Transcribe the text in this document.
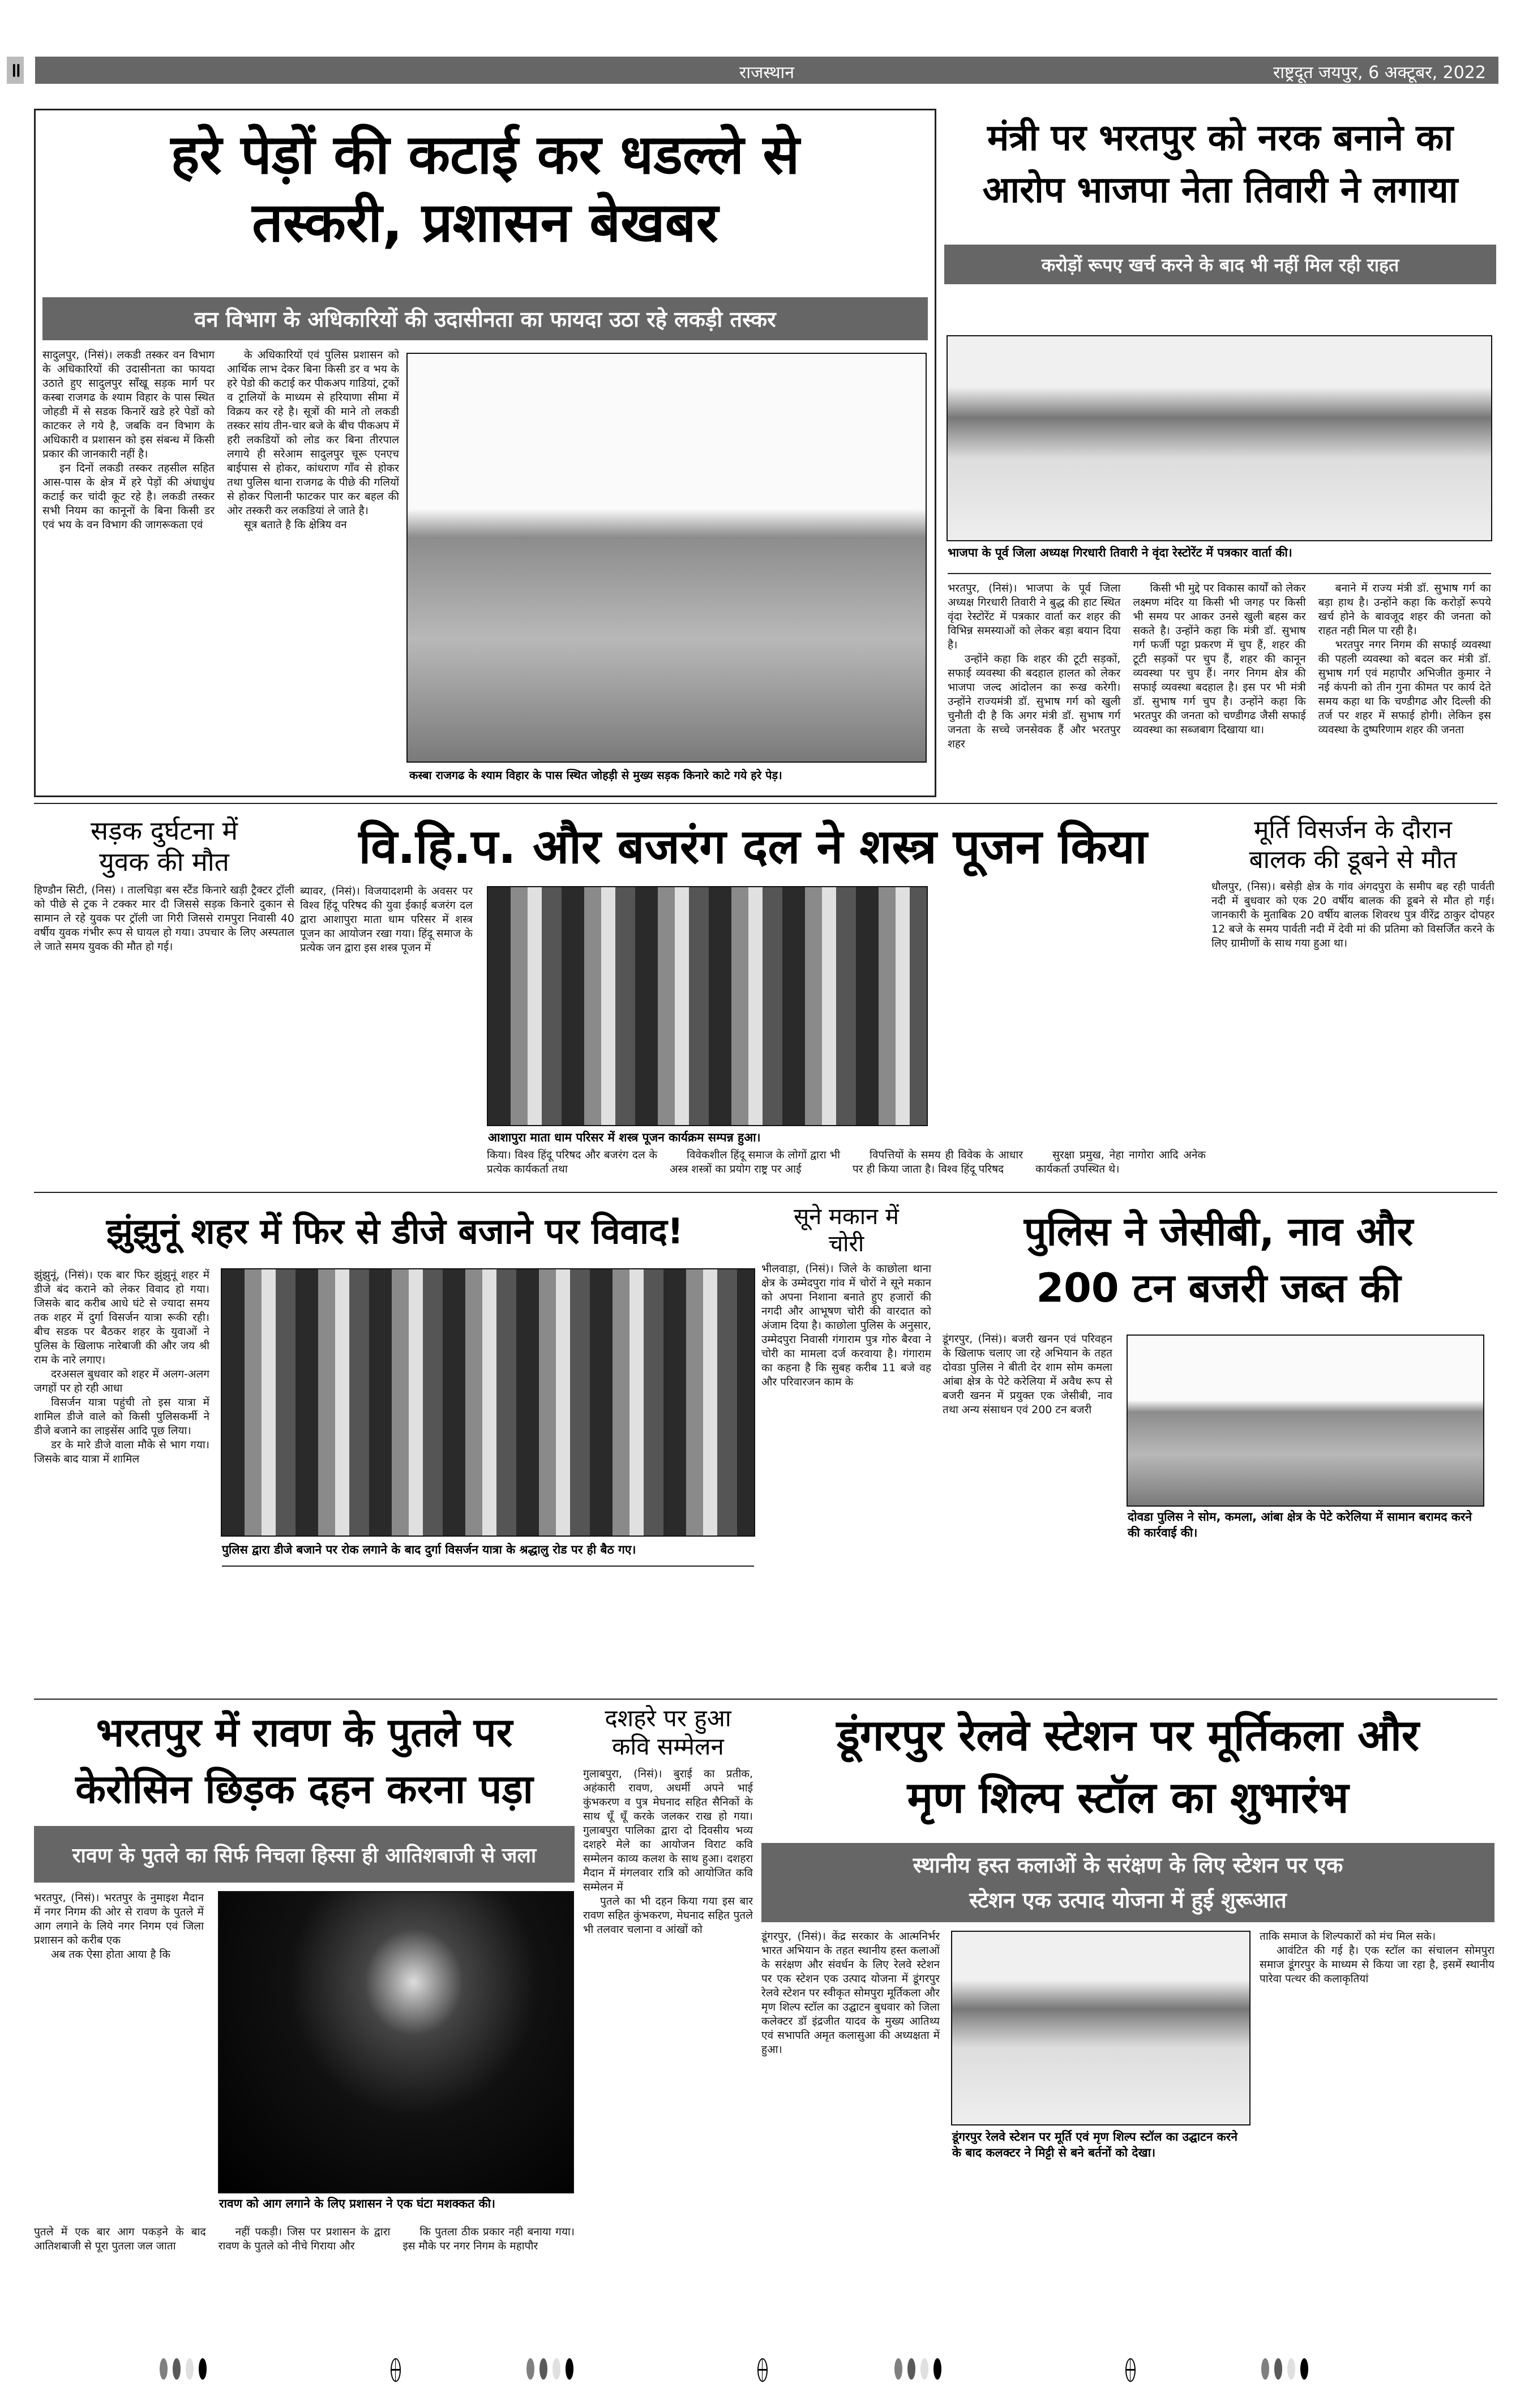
॥	राजस्थान	राष्ट्रदूत जयपुर, 6 अक्टूबर, 2022
हरे पेड़ों की कटाई कर धडल्ले से
तस्करी, प्रशासन बेखबर
वन विभाग के अधिकारियों की उदासीनता का फायदा उठा रहे लकड़ी तस्कर

सादुलपुर, (निसं)। लकडी तस्कर वन विभाग के अधिकारियों की उदासीनता का फायदा उठाते हुए सादुलपुर साँखू सड़क मार्ग पर कस्बा राजगढ के श्याम विहार के पास स्थित जोहडी में से सडक किनारें खडे हरे पेडों को काटकर ले गये है, जबकि वन विभाग के अधिकारी व प्रशासन को इस संबन्ध में किसी प्रकार की जानकारी नहीं है।

इन दिनों लकडी तस्कर तहसील सहित आस-पास के क्षेत्र में हरे पेड़ों की अंधाधुंध कटाई कर चांदी कूट रहे है। लकडी तस्कर सभी नियम का कानूनों के बिना किसी डर एवं भय के वन विभाग की जागरूकता एवं

के अधिकारियों एवं पुलिस प्रशासन को आर्थिक लाभ देकर बिना किसी डर व भय के हरे पेडो की कटाई कर पीकअप गाडियां, ट्रकों व ट्रालियों के माध्यम से हरियाणा सीमा में विक्रय कर रहे है। सूत्रों की माने तो लकडी तस्कर सांय तीन-चार बजे के बीच पीकअप में हरी लकडियों को लोड कर बिना तीरपाल लगाये ही सरेआम सादुलपुर चूरू एनएच बाईपास से होकर, कांधराण गाँव से होकर तथा पुलिस थाना राजगढ के पीछे की गलियों से होकर पिलानी फाटकर पार कर बहल की ओर तस्करी कर लकडियां ले जाते है।

सूत्र बताते है कि क्षेत्रिय वन

कस्बा राजगढ के श्याम विहार के पास स्थित जोहड़ी से मुख्य सड़क किनारे काटे गये हरे पेड़।
मंत्री पर भरतपुर को नरक बनाने का
आरोप भाजपा नेता तिवारी ने लगाया
करोड़ों रूपए खर्च करने के बाद भी नहीं मिल रही राहत
भाजपा के पूर्व जिला अध्यक्ष गिरधारी तिवारी ने वृंदा रेस्टोरेंट में पत्रकार वार्ता की।

भरतपुर, (निसं)। भाजपा के पूर्व जिला अध्यक्ष गिरधारी तिवारी ने बुद्ध की हाट स्थित वृंदा रेस्टोरेंट में पत्रकार वार्ता कर शहर की विभिन्न समस्याओं को लेकर बड़ा बयान दिया है।

उन्होंने कहा कि शहर की टूटी सड़कों, सफाई व्यवस्था की बदहाल हालत को लेकर भाजपा जल्द आंदोलन का रूख करेगी। उन्होंने राज्यमंत्री डॉ. सुभाष गर्ग को खुली चुनौती दी है कि अगर मंत्री डॉ. सुभाष गर्ग जनता के सच्चे जनसेवक हैं और भरतपुर शहर

किसी भी मुद्दे पर विकास कार्यों को लेकर लक्ष्मण मंदिर या किसी भी जगह पर किसी भी समय पर आकर उनसे खुली बहस कर सकते है। उन्होंने कहा कि मंत्री डॉ. सुभाष गर्ग फर्जी पट्टा प्रकरण में चुप हैं, शहर की टूटी सड़कों पर चुप हैं, शहर की कानून व्यवस्था पर चुप हैं। नगर निगम क्षेत्र की सफाई व्यवस्था बदहाल है। इस पर भी मंत्री डॉ. सुभाष गर्ग चुप है। उन्होंने कहा कि भरतपुर की जनता को चण्डीगढ जैसी सफाई व्यवस्था का सब्जबाग दिखाया था।

बनाने में राज्य मंत्री डॉ. सुभाष गर्ग का बड़ा हाथ है। उन्होंने कहा कि करोड़ों रूपये खर्च होने के बावजूद शहर की जनता को राहत नही मिल पा रही है।

भरतपुर नगर निगम की सफाई व्यवस्था की पहली व्यवस्था को बदल कर मंत्री डॉ. सुभाष गर्ग एवं महापौर अभिजीत कुमार ने नई कंपनी को तीन गुना कीमत पर कार्य देते समय कहा था कि चण्डीगढ और दिल्ली की तर्ज पर शहर में सफाई होगी। लेकिन इस व्यवस्था के दुष्परिणाम शहर की जनता

सड़क दुर्घटना में
युवक की मौत

हिण्डौन सिटी, (निस) । तालचिड़ा बस स्टैंड किनारे खड़ी ट्रैक्टर ट्रॉली को पीछे से ट्रक ने टक्कर मार दी जिससे सड़क किनारे दुकान से सामान ले रहे युवक पर ट्रॉली जा गिरी जिससे रामपुरा निवासी 40 वर्षीय युवक गंभीर रूप से घायल हो गया। उपचार के लिए अस्पताल ले जाते समय युवक की मौत हो गई।

वि.हि.प. और बजरंग दल ने शस्त्र पूजन किया

ब्यावर, (निसं)। विजयादशमी के अवसर पर विश्व हिंदू परिषद की युवा ईकाई बजरंग दल द्वारा आशापुरा माता धाम परिसर में शस्त्र पूजन का आयोजन रखा गया। हिंदू समाज के प्रत्येक जन द्वारा इस शस्त्र पूजन में

आशापुरा माता धाम परिसर में शस्त्र पूजन कार्यक्रम सम्पन्न हुआ।

किया। विश्व हिंदू परिषद और बजरंग दल के प्रत्येक कार्यकर्ता तथा

विवेकशील हिंदू समाज के लोगों द्वारा भी अस्त्र शस्त्रों का प्रयोग राष्ट्र पर आई

विपत्तियों के समय ही विवेक के आधार पर ही किया जाता है। विश्व हिंदू परिषद

सुरक्षा प्रमुख, नेहा नागोरा आदि अनेक कार्यकर्ता उपस्थित थे।

मूर्ति विसर्जन के दौरान
बालक की डूबने से मौत

धौलपुर, (निस)। बसेड़ी क्षेत्र के गांव अंगदपुरा के समीप बह रही पार्वती नदी में बुधवार को एक 20 वर्षीय बालक की डूबने से मौत हो गई। जानकारी के मुताबिक 20 वर्षीय बालक शिवरथ पुत्र वीरेंद्र ठाकुर दोपहर 12 बजे के समय पार्वती नदी में देवी मां की प्रतिमा को विसर्जित करने के लिए ग्रामीणों के साथ गया हुआ था।

झुंझुनूं शहर में फिर से डीजे बजाने पर विवाद!

झुंझुनूं, (निसं)। एक बार फिर झुंझुनूं शहर में डीजे बंद कराने को लेकर विवाद हो गया। जिसके बाद करीब आधे घंटे से ज्यादा समय तक शहर में दुर्गा विसर्जन यात्रा रूकी रही। बीच सडक पर बैठकर शहर के युवाओं ने पुलिस के खिलाफ नारेबाजी की और जय श्री राम के नारे लगाए।

दरअसल बुधवार को शहर में अलग-अलग जगहों पर हो रही आधा

विसर्जन यात्रा पहुंची तो इस यात्रा में शामिल डीजे वाले को किसी पुलिसकर्मी ने डीजे बजाने का लाइसेंस आदि पूछ लिया।

डर के मारे डीजे वाला मौके से भाग गया। जिसके बाद यात्रा में शामिल

पुलिस द्वारा डीजे बजाने पर रोक लगाने के बाद दुर्गा विसर्जन यात्रा के श्रद्धालु रोड पर ही बैठ गए।
सूने मकान में
चोरी

भीलवाड़ा, (निसं)। जिले के काछोला थाना क्षेत्र के उम्मेदपुरा गांव में चोरों ने सूने मकान को अपना निशाना बनाते हुए हजारों की नगदी और आभूषण चोरी की वारदात को अंजाम दिया है। काछोला पुलिस के अनुसार, उम्मेदपुरा निवासी गंगाराम पुत्र गोरु बैरवा ने चोरी का मामला दर्ज करवाया है। गंगाराम का कहना है कि सुबह करीब 11 बजे वह और परिवारजन काम के

पुलिस ने जेसीबी, नाव और
200 टन बजरी जब्त की

डूंगरपुर, (निसं)। बजरी खनन एवं परिवहन के खिलाफ चलाए जा रहे अभियान के तहत दोवडा पुलिस ने बीती देर शाम सोम कमला आंबा क्षेत्र के पेटे करेलिया में अवैध रूप से बजरी खनन में प्रयुक्त एक जेसीबी, नाव तथा अन्य संसाधन एवं 200 टन बजरी

दोवडा पुलिस ने सोम, कमला, आंबा क्षेत्र के पेटे करेलिया में सामान बरामद करने की कार्रवाई की।
भरतपुर में रावण के पुतले पर
केरोसिन छिड़क दहन करना पड़ा
रावण के पुतले का सिर्फ निचला हिस्सा ही आतिशबाजी से जला

भरतपुर, (निसं)। भरतपुर के नुमाइश मैदान में नगर निगम की ओर से रावण के पुतले में आग लगाने के लिये नगर निगम एवं जिला प्रशासन को करीब एक

अब तक ऐसा होता आया है कि

रावण को आग लगाने के लिए प्रशासन ने एक घंटा मशक्कत की।

पुतले में एक बार आग पकड़ने के बाद आतिशबाजी से पूरा पुतला जल जाता

नहीं पकड़ी। जिस पर प्रशासन के द्वारा रावण के पुतले को नीचे गिराया और

कि पुतला ठीक प्रकार नही बनाया गया। इस मौके पर नगर निगम के महापौर

दशहरे पर हुआ
कवि सम्मेलन

गुलाबपुरा, (निसं)। बुराई का प्रतीक, अहंकारी रावण, अधर्मी अपने भाई कुंभकरण व पुत्र मेघनाद सहित सैनिकों के साथ धूँ धूँ करके जलकर राख हो गया। गुलाबपुरा पालिका द्वारा दो दिवसीय भव्य दशहरे मेले का आयोजन विराट कवि सम्मेलन काव्य कलश के साथ हुआ। दशहरा मैदान में मंगलवार रात्रि को आयोजित कवि सम्मेलन में

पुतले का भी दहन किया गया इस बार रावण सहित कुंभकरण, मेघनाद सहित पुतले भी तलवार चलाना व आंखों को

डूंगरपुर रेलवे स्टेशन पर मूर्तिकला और
मृण शिल्प स्टॉल का शुभारंभ
स्थानीय हस्त कलाओं के सरंक्षण के लिए स्टेशन पर एक
स्टेशन एक उत्पाद योजना में हुई शुरूआत

डूंगरपुर, (निसं)। केंद्र सरकार के आत्मनिर्भर भारत अभियान के तहत स्थानीय हस्त कलाओं के सरंक्षण और संवर्धन के लिए रेलवे स्टेशन पर एक स्टेशन एक उत्पाद योजना में डूंगरपुर रेलवे स्टेशन पर स्वीकृत सोमपुरा मूर्तिकला और मृण शिल्प स्टॉल का उद्घाटन बुधवार को जिला कलेक्टर डॉ इंद्रजीत यादव के मुख्य आतिथ्य एवं सभापति अमृत कलासुआ की अध्यक्षता में हुआ।

डूंगरपुर रेलवे स्टेशन पर मूर्ति एवं मृण शिल्प स्टॉल का उद्घाटन करने के बाद कलक्टर ने मिट्टी से बने बर्तनों को देखा।

ताकि समाज के शिल्पकारों को मंच मिल सके।

आवंटित की गई है। एक स्टॉल का संचालन सोमपुरा समाज डूंगरपुर के माध्यम से किया जा रहा है, इसमें स्थानीय पारेवा पत्थर की कलाकृतियां
